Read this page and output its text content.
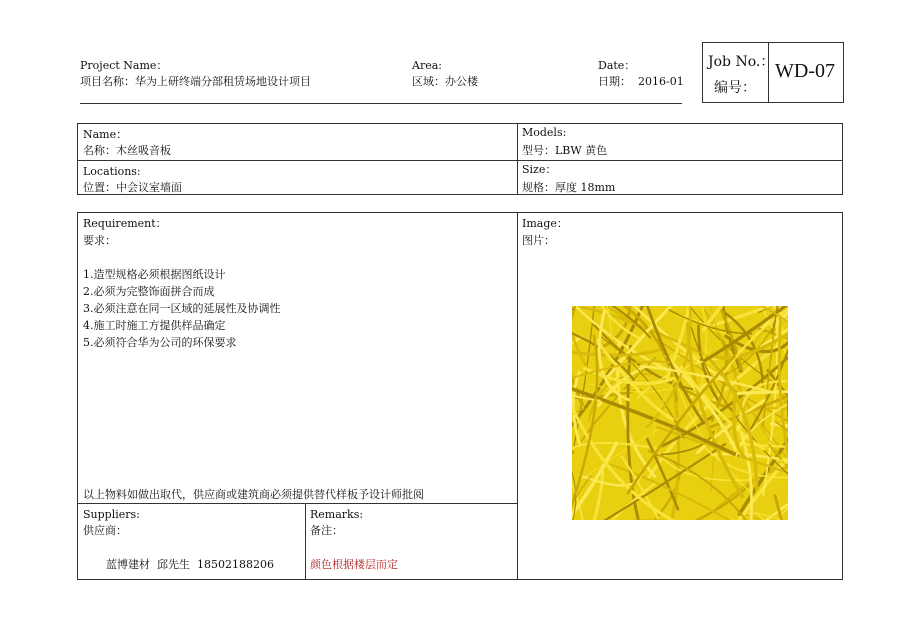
Project Name：
项目名称：华为上研终端分部租赁场地设计项目
Area:
区域：办公楼
Date：
日期： 2016-01
Job No.：
编号：
WD-07
Name：
名称：木丝吸音板
Models:
型号：LBW 黄色
Locations:
位置：中会议室墙面
Size：
规格：厚度 18mm
Requirement：
要求：
1.造型规格必须根据图纸设计
2.必须为完整饰面拼合而成
3.必须注意在同一区域的延展性及协调性
4.施工时施工方提供样品确定
5.必须符合华为公司的环保要求
以上物料如做出取代，供应商或建筑商必须提供替代样板予设计师批阅
Image：
图片：
Suppliers:
供应商：
蓝博建材  邱先生  18502188206
Remarks:
备注：
颜色根据楼层而定
